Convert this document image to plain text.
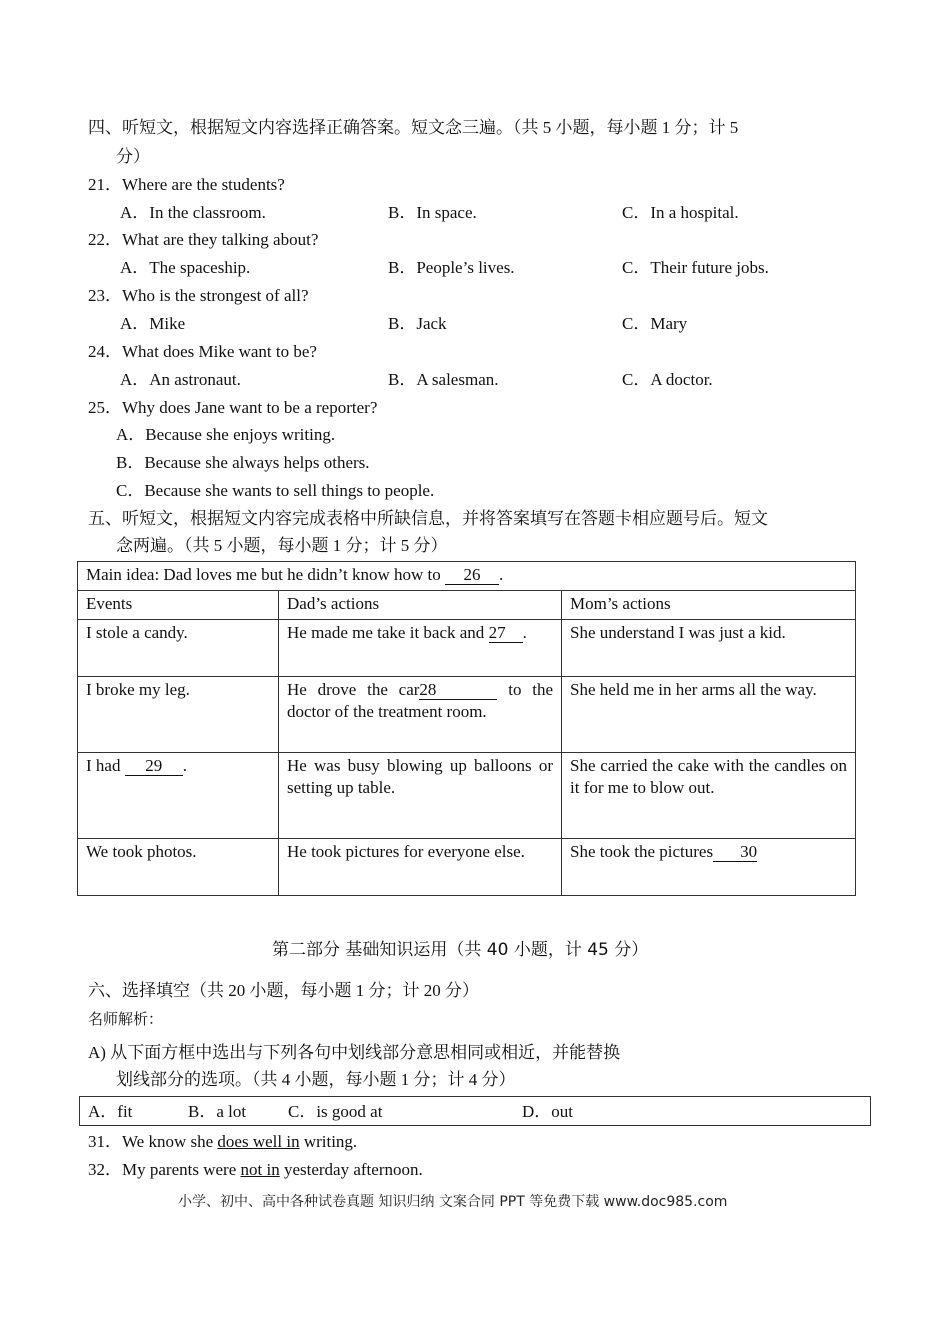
四、听短文，根据短文内容选择正确答案。短文念三遍。（共 5 小题，每小题 1 分；计 5
分）
21．Where are the students?
A．In the classroom.	B．In space.	C．In a hospital.
22．What are they talking about?
A．The spaceship.	B．People’s lives.	C．Their future jobs.
23．Who is the strongest of all?
A．Mike	B．Jack	C．Mary
24．What does Mike want to be?
A．An astronaut.	B．A salesman.	C．A doctor.
25．Why does Jane want to be a reporter?
A．Because she enjoys writing.
B．Because she always helps others.
C．Because she wants to sell things to people.
五、听短文，根据短文内容完成表格中所缺信息，并将答案填写在答题卡相应题号后。短文
念两遍。（共 5 小题，每小题 1 分；计 5 分）
Main idea: Dad loves me but he didn’t know how to 26 .		
Events	Dad’s actions	Mom’s actions
I stole a candy.	He made me take it back and 27 .	She understand I was just a kid.
I broke my leg.	He drove the car28 to the doctor of the treatment room.	She held me in her arms all the way.
I had 29 .	He was busy blowing up balloons or setting up table.	She carried the cake with the candles on it for me to blow out.
We took photos.	He took pictures for everyone else.	She took the pictures 30
第二部分 基础知识运用（共 40 小题，计 45 分）
六、选择填空（共 20 小题，每小题 1 分；计 20 分）
名师解析：
A) 从下面方框中选出与下列各句中划线部分意思相同或相近，并能替换
划线部分的选项。（共 4 小题，每小题 1 分；计 4 分）
A．fit	B．a lot C．is good at	D．out
31．We know she does well in writing.
32．My parents were not in yesterday afternoon.
小学、初中、高中各种试卷真题 知识归纳 文案合同 PPT 等免费下载 www.doc985.com
